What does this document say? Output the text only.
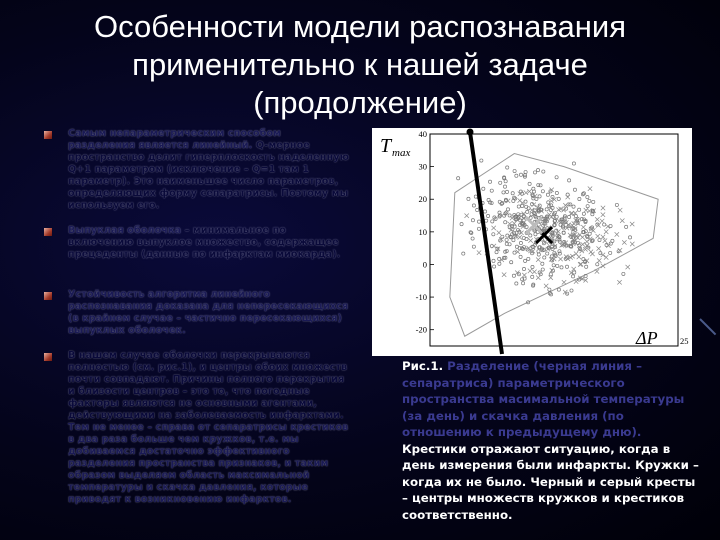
Особенности модели распознавания
применительно к нашей задаче
(продолжение)
Самым непараметрическим способом разделения является линейный. Q-мерное пространство делит гиперплоскость наделенную Q+1 параметром (исключение – Q=1 там 1 параметр). Это наименьшее число параметров, определяющих форму сепаратрисы. Поэтому мы используем его.
Выпуклая оболочка – минимальное по включению выпуклое множество, содержащее прецеденты (данные по инфарктам миокарда).
Устойчивость алгоритма линейного распознавания доказана для непересекающихся (в крайнем случае – частично пересекающихся) выпуклых оболочек.
В нашем случае оболочки перекрываются полностью (см. рис.1), и центры обоих множеств почти совпадают. Причины полного перекрытия и близости центров – это то, что погодные факторы являются не основными агентами, действующими на заболеваемость инфарктами. Тем не менее – справа от сепаратрисы крестиков в два раза больше чем кружков, т.е. мы добиваемся достаточно эффективного разделения пространства признаков, и таким образом выделяем область максимальной температуры и скачка давления, которые приводят к возникновению инфарктов.
40
30
20
10
0
-10
-20
25
T max
ΔP
Рис.1. Разделение (черная линия – сепаратриса) параметрического пространства масимальной температуры (за день) и скачка давления (по отношению к предыдущему дню). Крестики отражают ситуацию, когда в день измерения были инфаркты. Кружки – когда их не было. Черный и серый кресты – центры множеств кружков и крестиков соответственно.
